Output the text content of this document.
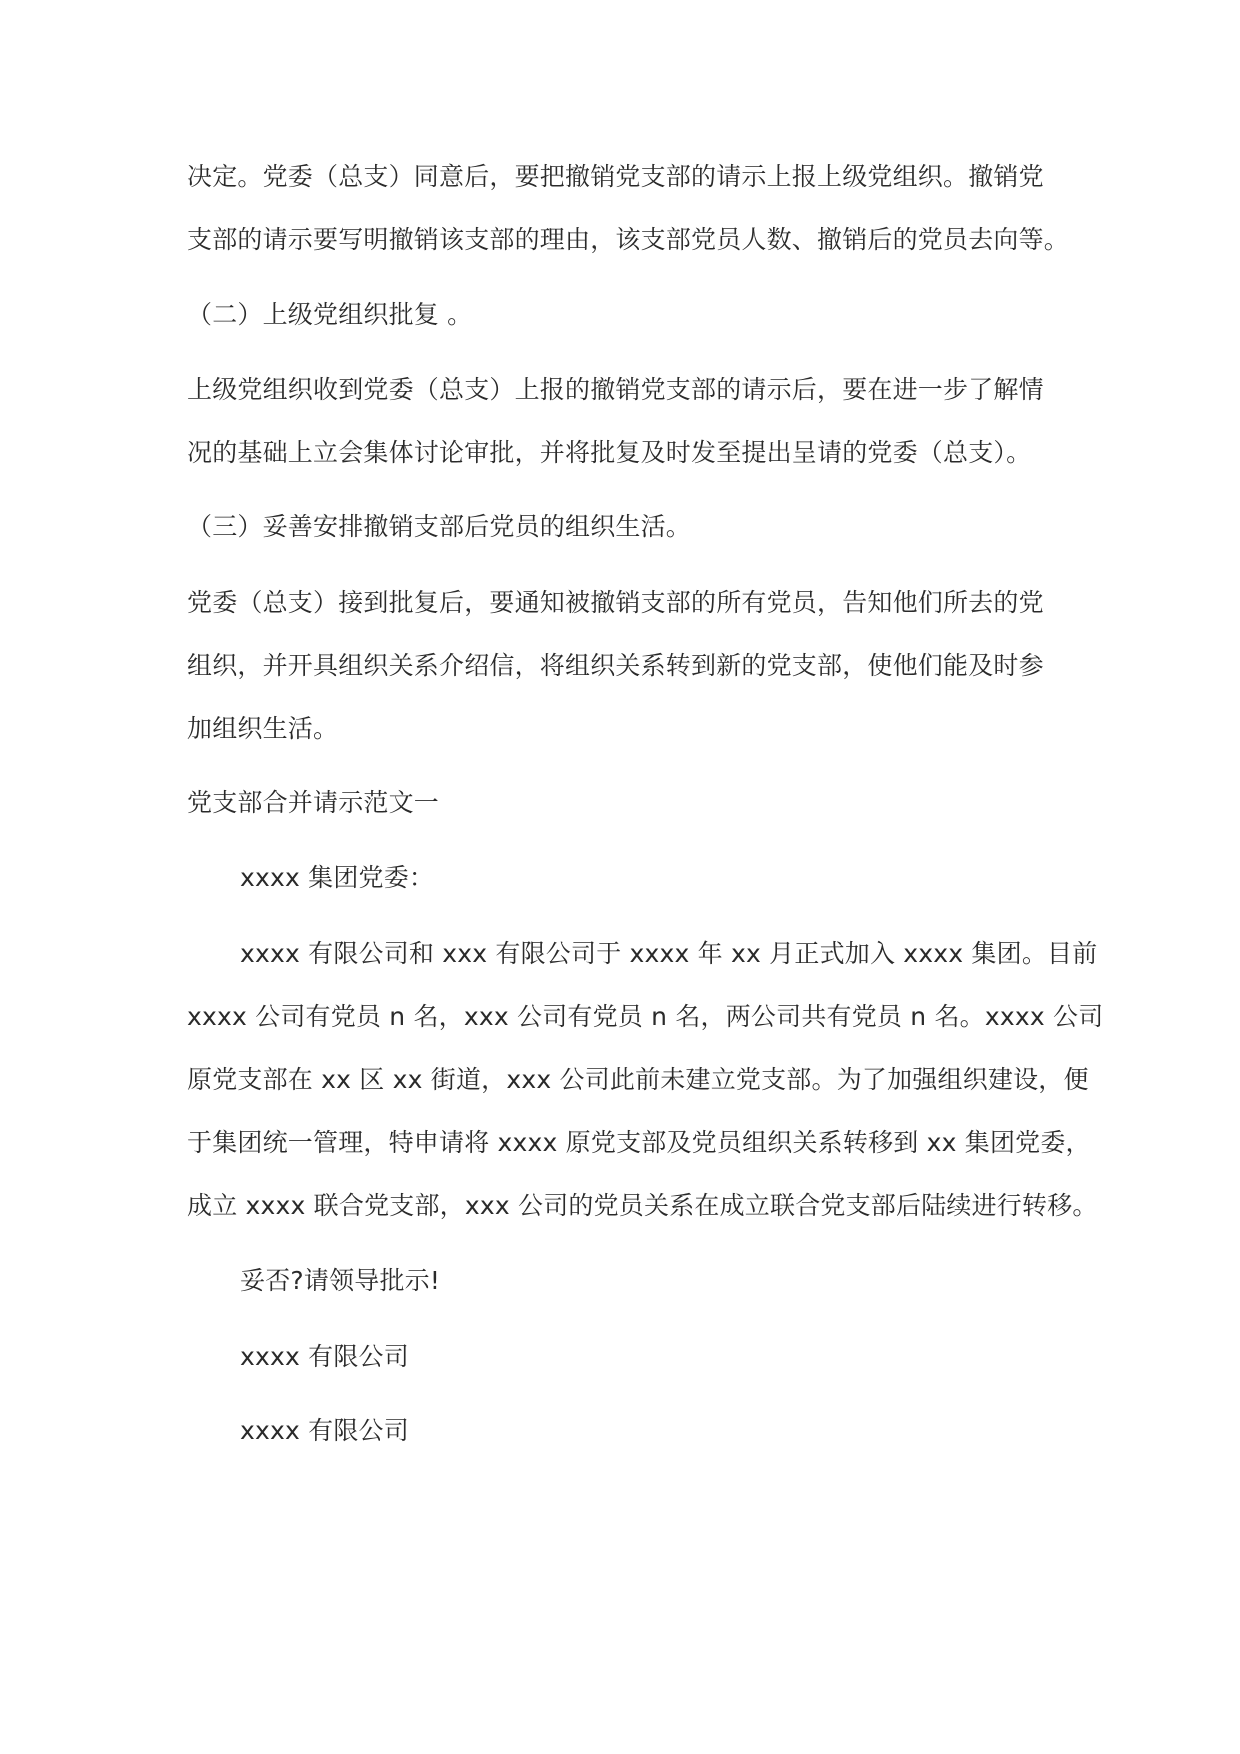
决定。党委（总支）同意后，要把撤销党支部的请示上报上级党组织。撤销党
支部的请示要写明撤销该支部的理由，该支部党员人数、撤销后的党员去向等。
（二）上级党组织批复 。
上级党组织收到党委（总支）上报的撤销党支部的请示后，要在进一步了解情
况的基础上立会集体讨论审批，并将批复及时发至提出呈请的党委（总支）。
（三）妥善安排撤销支部后党员的组织生活。
党委（总支）接到批复后，要通知被撤销支部的所有党员，告知他们所去的党
组织，并开具组织关系介绍信，将组织关系转到新的党支部，使他们能及时参
加组织生活。
党支部合并请示范文一
xxxx 集团党委：
xxxx 有限公司和 xxx 有限公司于 xxxx 年 xx 月正式加入 xxxx 集团。目前
xxxx 公司有党员 n 名，xxx 公司有党员 n 名，两公司共有党员 n 名。xxxx 公司
原党支部在 xx 区 xx 街道，xxx 公司此前未建立党支部。为了加强组织建设，便
于集团统一管理，特申请将 xxxx 原党支部及党员组织关系转移到 xx 集团党委，
成立 xxxx 联合党支部，xxx 公司的党员关系在成立联合党支部后陆续进行转移。
妥否?请领导批示!
xxxx 有限公司
xxxx 有限公司
